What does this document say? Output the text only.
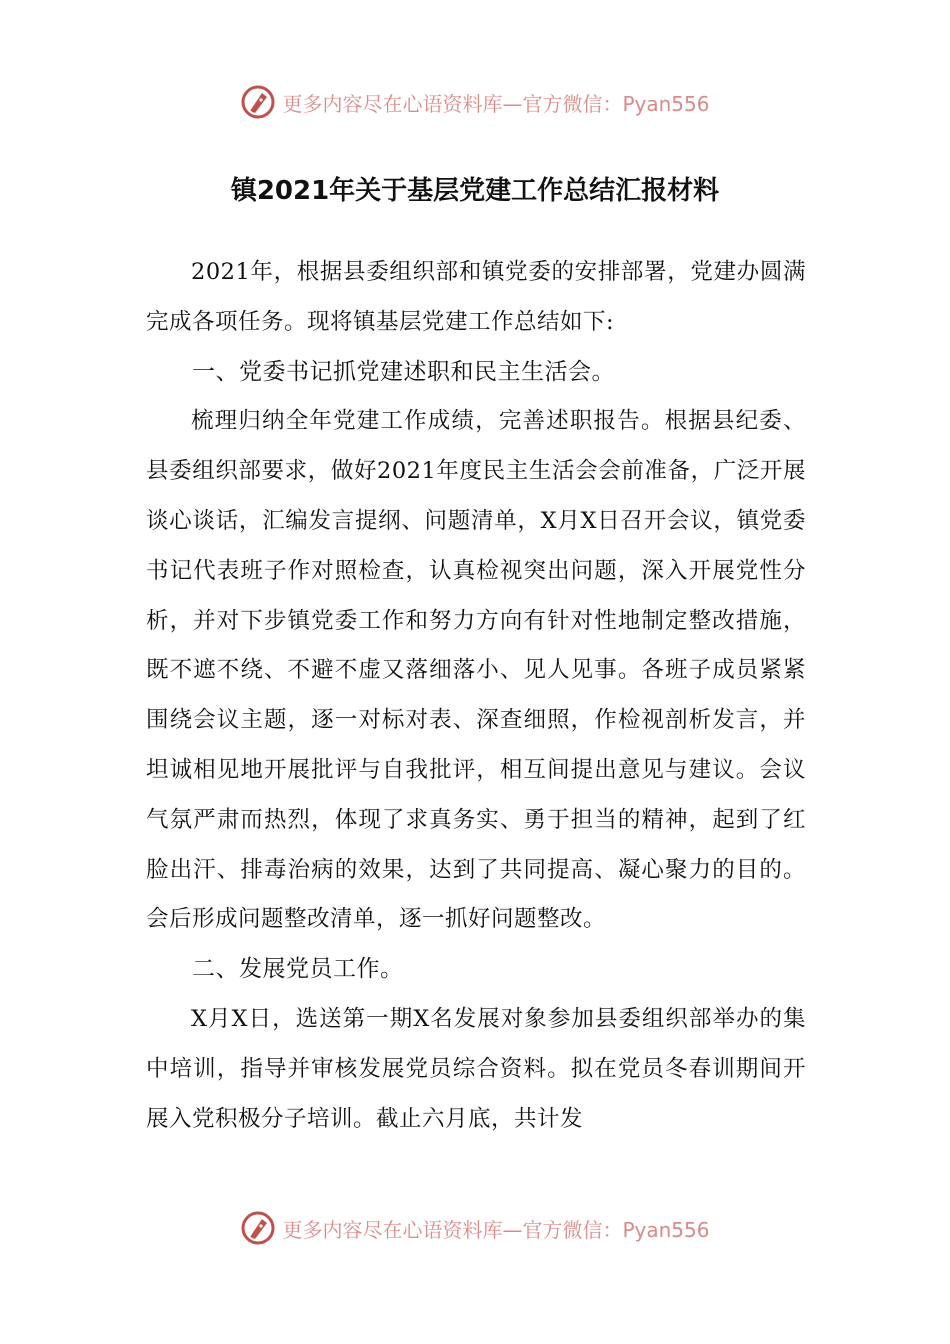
更多内容尽在心语资料库—官方微信：Pyan556
镇2021年关于基层党建工作总结汇报材料

2021年，根据县委组织部和镇党委的安排部署，党建办圆满完成各项任务。现将镇基层党建工作总结如下:

一、党委书记抓党建述职和民主生活会。

梳理归纳全年党建工作成绩，完善述职报告。根据县纪委、县委组织部要求，做好2021年度民主生活会会前准备，广泛开展谈心谈话，汇编发言提纲、问题清单，X月X日召开会议，镇党委书记代表班子作对照检查，认真检视突出问题，深入开展党性分析，并对下步镇党委工作和努力方向有针对性地制定整改措施，既不遮不绕、不避不虚又落细落小、见人见事。各班子成员紧紧围绕会议主题，逐一对标对表、深查细照，作检视剖析发言，并坦诚相见地开展批评与自我批评，相互间提出意见与建议。会议气氛严肃而热烈，体现了求真务实、勇于担当的精神，起到了红脸出汗、排毒治病的效果，达到了共同提高、凝心聚力的目的。会后形成问题整改清单，逐一抓好问题整改。

二、发展党员工作。

X月X日，选送第一期X名发展对象参加县委组织部举办的集中培训，指导并审核发展党员综合资料。拟在党员冬春训期间开展入党积极分子培训。截止六月底，共计发

更多内容尽在心语资料库—官方微信：Pyan556
